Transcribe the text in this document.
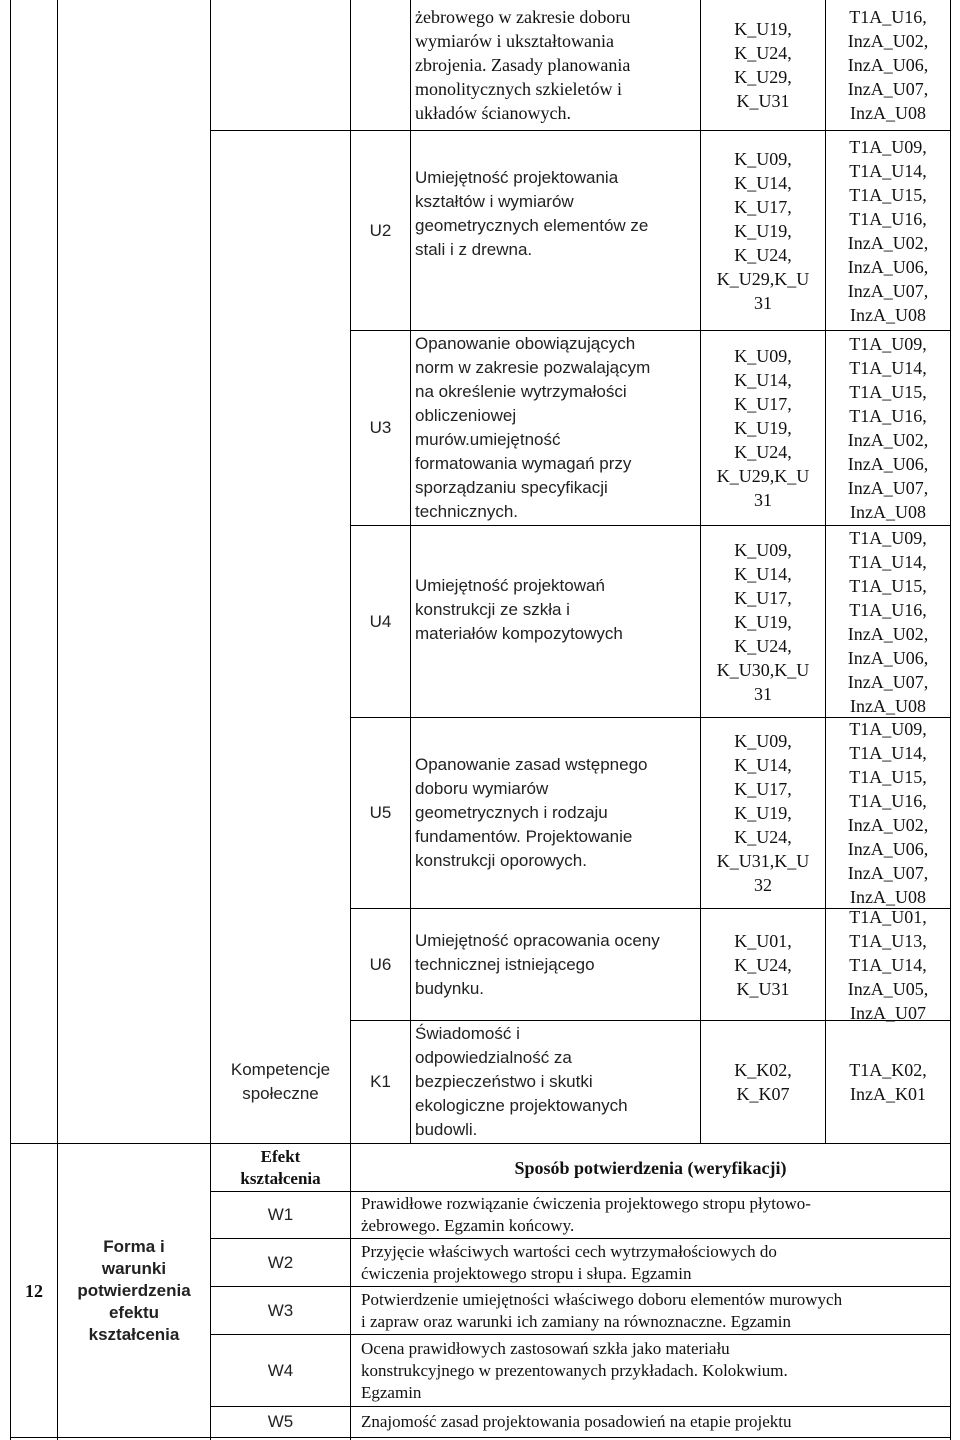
żebrowego w zakresie doboru
wymiarów i ukształtowania
zbrojenia. Zasady planowania
monolitycznych szkieletów i
układów ścianowych.
K_U19,
K_U24,
K_U29,
K_U31
T1A_U16,
InzA_U02,
InzA_U06,
InzA_U07,
InzA_U08
U2
Umiejętność projektowania
kształtów i wymiarów
geometrycznych elementów ze
stali i z drewna.
K_U09,
K_U14,
K_U17,
K_U19,
K_U24,
K_U29,K_U
31
T1A_U09,
T1A_U14,
T1A_U15,
T1A_U16,
InzA_U02,
InzA_U06,
InzA_U07,
InzA_U08
U3
Opanowanie obowiązujących
norm w zakresie pozwalającym
na określenie wytrzymałości
obliczeniowej
murów.umiejętność
formatowania wymagań przy
sporządzaniu specyfikacji
technicznych.
K_U09,
K_U14,
K_U17,
K_U19,
K_U24,
K_U29,K_U
31
T1A_U09,
T1A_U14,
T1A_U15,
T1A_U16,
InzA_U02,
InzA_U06,
InzA_U07,
InzA_U08
U4
Umiejętność projektowań
konstrukcji ze szkła i
materiałów kompozytowych
K_U09,
K_U14,
K_U17,
K_U19,
K_U24,
K_U30,K_U
31
T1A_U09,
T1A_U14,
T1A_U15,
T1A_U16,
InzA_U02,
InzA_U06,
InzA_U07,
InzA_U08
U5
Opanowanie zasad wstępnego
doboru wymiarów
geometrycznych i rodzaju
fundamentów. Projektowanie
konstrukcji oporowych.
K_U09,
K_U14,
K_U17,
K_U19,
K_U24,
K_U31,K_U
32
T1A_U09,
T1A_U14,
T1A_U15,
T1A_U16,
InzA_U02,
InzA_U06,
InzA_U07,
InzA_U08
U6
Umiejętność opracowania oceny
technicznej istniejącego
budynku.
K_U01,
K_U24,
K_U31
T1A_U01,
T1A_U13,
T1A_U14,
InzA_U05,
InzA_U07
Kompetencje
społeczne
K1
Świadomość i
odpowiedzialność za
bezpieczeństwo i skutki
ekologiczne projektowanych
budowli.
K_K02,
K_K07
T1A_K02,
InzA_K01
12
Forma i
warunki
potwierdzenia
efektu
kształcenia
Efekt
kształcenia
Sposób potwierdzenia (weryfikacji)
W1
Prawidłowe rozwiązanie ćwiczenia projektowego stropu płytowo-
żebrowego. Egzamin końcowy.
W2
Przyjęcie właściwych wartości cech wytrzymałościowych do
ćwiczenia projektowego stropu i słupa. Egzamin
W3
Potwierdzenie umiejętności właściwego doboru elementów murowych
i zapraw oraz warunki ich zamiany na równoznaczne. Egzamin
W4
Ocena prawidłowych zastosowań szkła jako materiału
konstrukcyjnego w prezentowanych przykładach. Kolokwium.
Egzamin
W5	Znajomość zasad projektowania posadowień na etapie projektu
